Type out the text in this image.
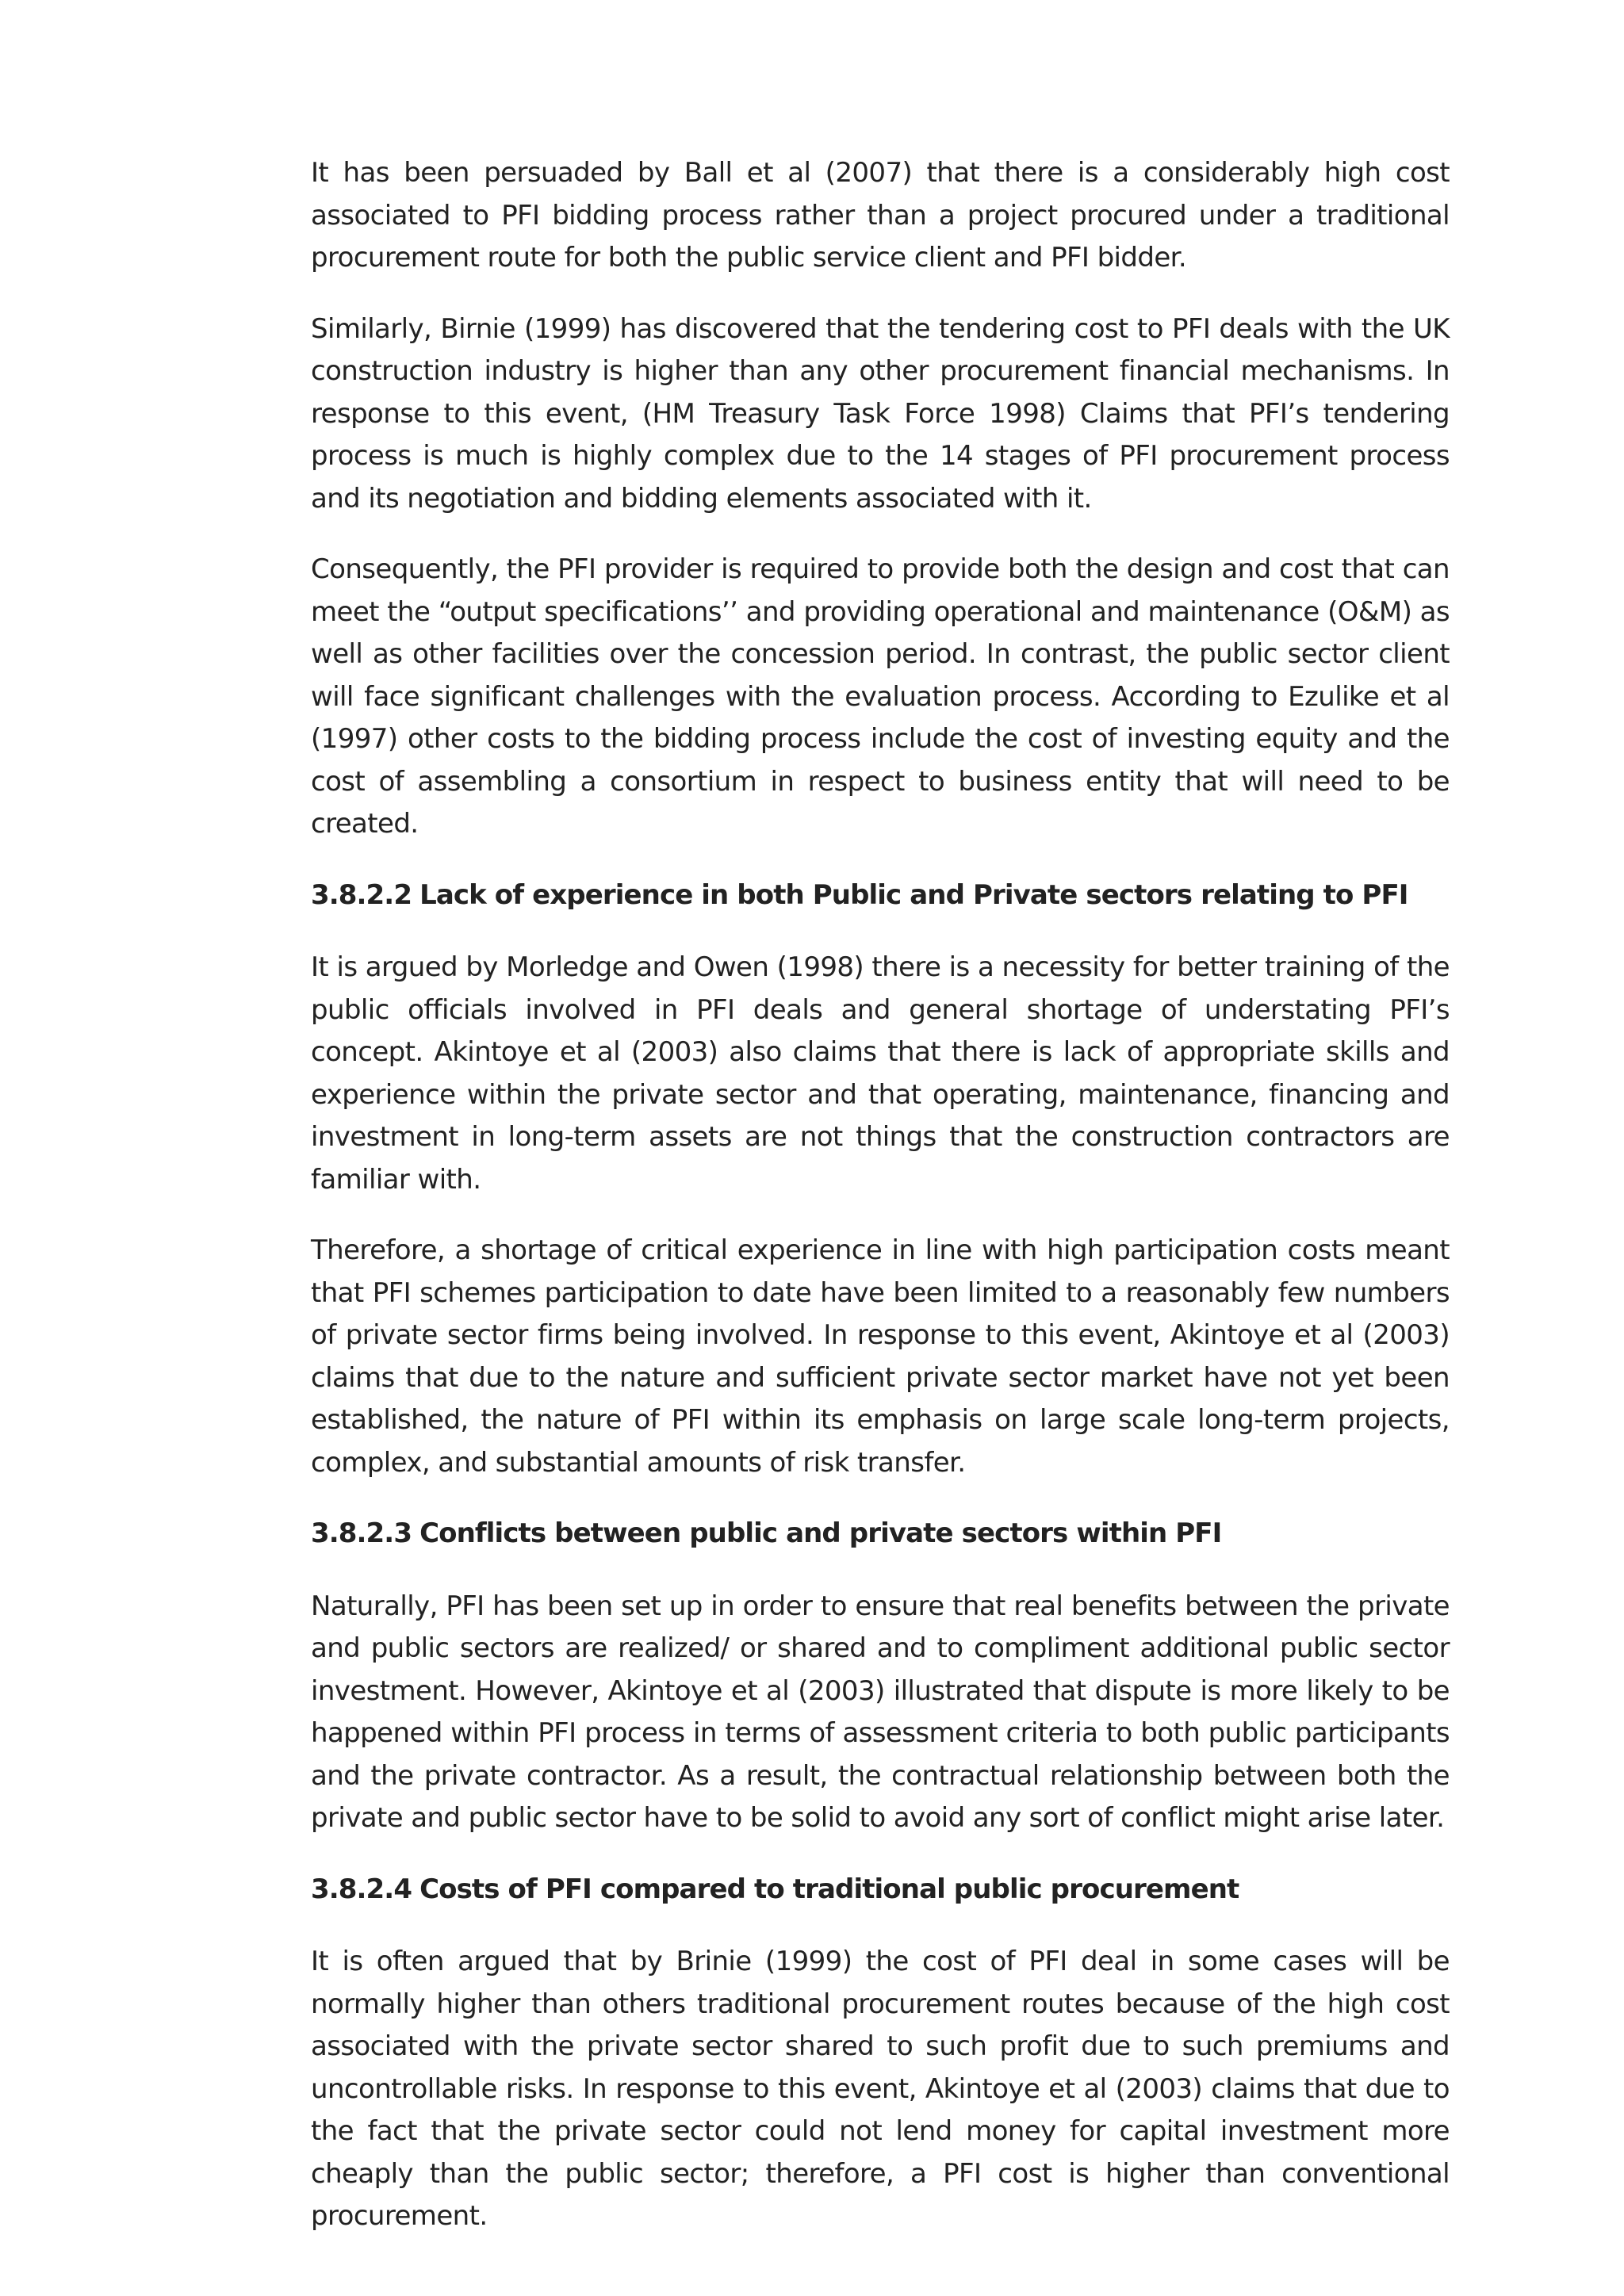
It has been persuaded by Ball et al (2007) that there is a considerably high cost associated to PFI bidding process rather than a project procured under a traditional procurement route for both the public service client and PFI bidder.

Similarly, Birnie (1999) has discovered that the tendering cost to PFI deals with the UK construction industry is higher than any other procurement financial mechanisms. In response to this event, (HM Treasury Task Force 1998) Claims that PFI’s tendering process is much is highly complex due to the 14 stages of PFI procurement process and its negotiation and bidding elements associated with it.

Consequently, the PFI provider is required to provide both the design and cost that can meet the “output specifications’’ and providing operational and maintenance (O&M) as well as other facilities over the concession period. In contrast, the public sector client will face significant challenges with the evaluation process. According to Ezulike et al (1997) other costs to the bidding process include the cost of investing equity and the cost of assembling a consortium in respect to business entity that will need to be created.

3.8.2.2 Lack of experience in both Public and Private sectors relating to PFI

It is argued by Morledge and Owen (1998) there is a necessity for better training of the public officials involved in PFI deals and general shortage of understating PFI’s concept. Akintoye et al (2003) also claims that there is lack of appropriate skills and experience within the private sector and that operating, maintenance, financing and investment in long-term assets are not things that the construction contractors are familiar with.

Therefore, a shortage of critical experience in line with high participation costs meant that PFI schemes participation to date have been limited to a reasonably few numbers of private sector firms being involved. In response to this event, Akintoye et al (2003) claims that due to the nature and sufficient private sector market have not yet been established, the nature of PFI within its emphasis on large scale long-term projects, complex, and substantial amounts of risk transfer.

3.8.2.3 Conflicts between public and private sectors within PFI

Naturally, PFI has been set up in order to ensure that real benefits between the private and public sectors are realized/ or shared and to compliment additional public sector investment. However, Akintoye et al (2003) illustrated that dispute is more likely to be happened within PFI process in terms of assessment criteria to both public participants and the private contractor. As a result, the contractual relationship between both the private and public sector have to be solid to avoid any sort of conflict might arise later.

3.8.2.4 Costs of PFI compared to traditional public procurement

It is often argued that by Brinie (1999) the cost of PFI deal in some cases will be normally higher than others traditional procurement routes because of the high cost associated with the private sector shared to such profit due to such premiums and uncontrollable risks. In response to this event, Akintoye et al (2003) claims that due to the fact that the private sector could not lend money for capital investment more cheaply than the public sector; therefore, a PFI cost is higher than conventional procurement.
